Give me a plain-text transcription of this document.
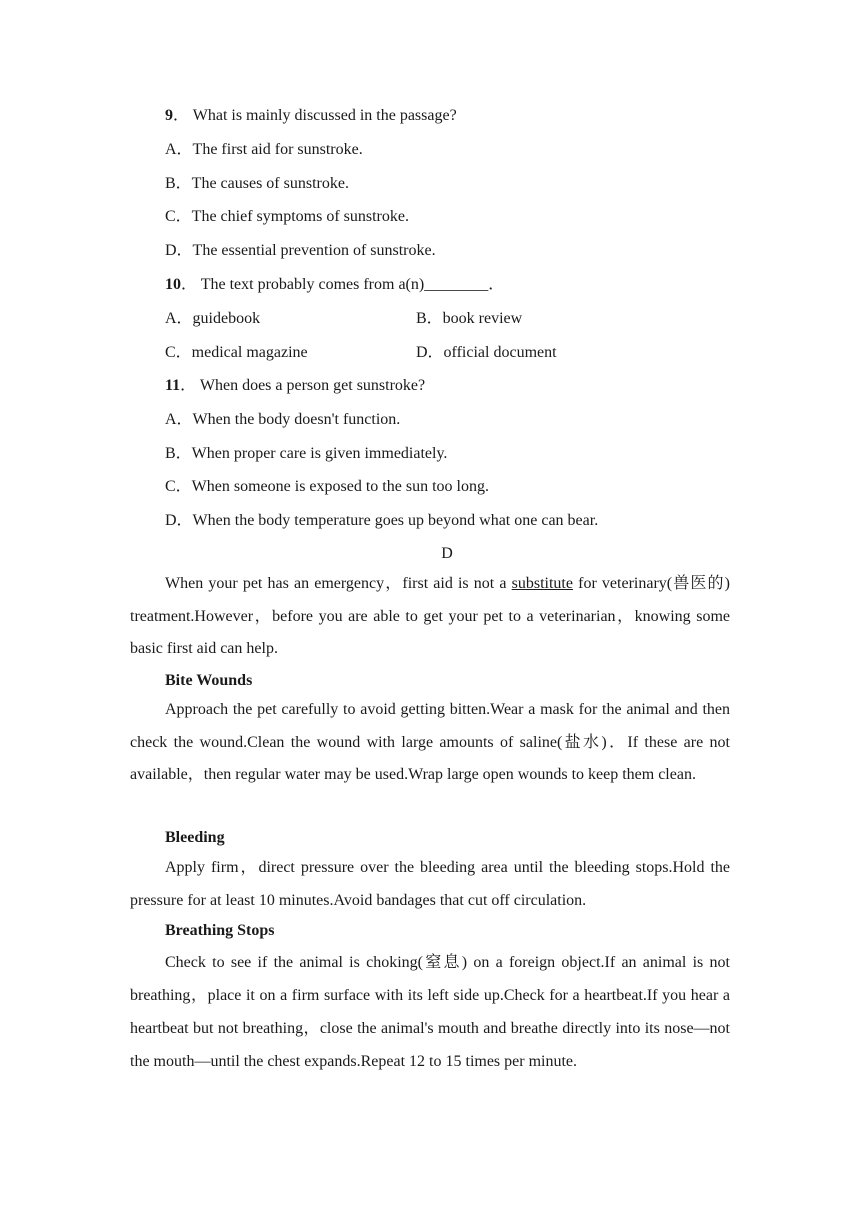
9． What is mainly discussed in the passage?
A．The first aid for sunstroke.
B．The causes of sunstroke.
C．The chief symptoms of sunstroke.
D．The essential prevention of sunstroke.
10． The text probably comes from a(n)________．
A．guidebook	B．book review
C．medical magazine	D．official document
11． When does a person get sunstroke?
A．When the body doesn't function.
B．When proper care is given immediately.
C．When someone is exposed to the sun too long.
D．When the body temperature goes up beyond what one can bear.
D
When your pet has an emergency，first aid is not a substitute for veterinary(兽医的) treatment.However，before you are able to get your pet to a veterinarian，knowing some basic first aid can help.
Bite Wounds
Approach the pet carefully to avoid getting bitten.Wear a mask for the animal and then check the wound.Clean the wound with large amounts of saline(盐水)．If these are not available，then regular water may be used.Wrap large open wounds to keep them clean.
Bleeding
Apply firm，direct pressure over the bleeding area until the bleeding stops.Hold the pressure for at least 10 minutes.Avoid bandages that cut off circulation.
Breathing Stops
Check to see if the animal is choking(窒息) on a foreign object.If an animal is not breathing，place it on a firm surface with its left side up.Check for a heartbeat.If you hear a heartbeat but not breathing，close the animal's mouth and breathe directly into its nose—not the mouth—until the chest expands.Repeat 12 to 15 times per minute.
